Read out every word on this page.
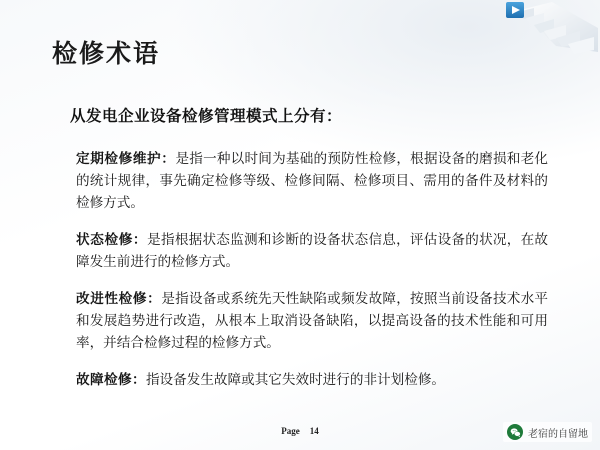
检修术语
从发电企业设备检修管理模式上分有：

定期检修维护：是指一种以时间为基础的预防性检修，根据设备的磨损和老化的统计规律，事先确定检修等级、检修间隔、检修项目、需用的备件及材料的检修方式。

状态检修：是指根据状态监测和诊断的设备状态信息，评估设备的状况，在故障发生前进行的检修方式。

改进性检修：是指设备或系统先天性缺陷或频发故障，按照当前设备技术水平和发展趋势进行改造，从根本上取消设备缺陷，以提高设备的技术性能和可用率，并结合检修过程的检修方式。

故障检修：指设备发生故障或其它失效时进行的非计划检修。

Page 14	老宿的自留地
